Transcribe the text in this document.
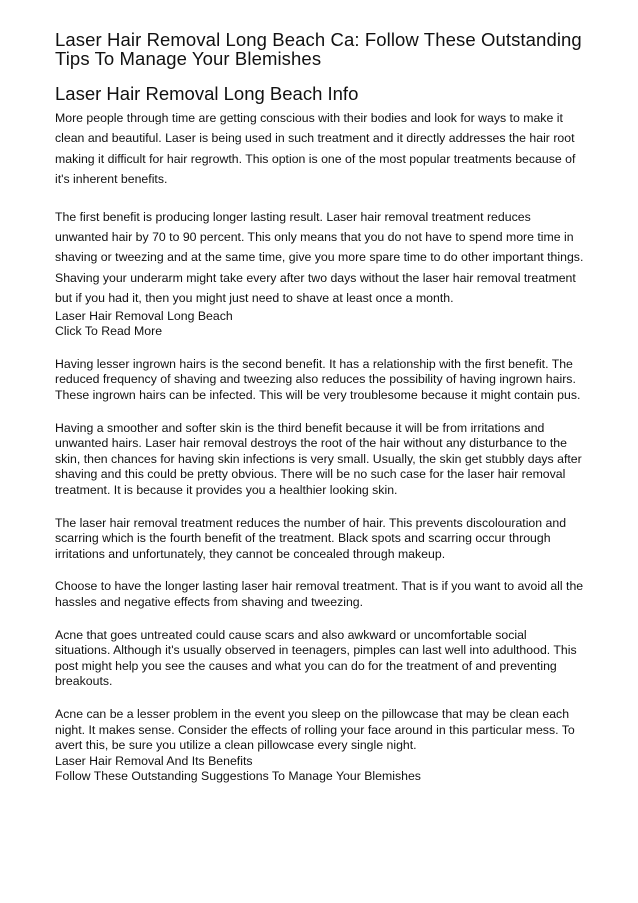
Laser Hair Removal Long Beach Ca: Follow These Outstanding Tips To Manage Your Blemishes
Laser Hair Removal Long Beach Info

More people through time are getting conscious with their bodies and look for ways to make it clean and beautiful. Laser is being used in such treatment and it directly addresses the hair root making it difficult for hair regrowth. This option is one of the most popular treatments because of it's inherent benefits.

The first benefit is producing longer lasting result. Laser hair removal treatment reduces unwanted hair by 70 to 90 percent. This only means that you do not have to spend more time in shaving or tweezing and at the same time, give you more spare time to do other important things. Shaving your underarm might take every after two days without the laser hair removal treatment but if you had it, then you might just need to shave at least once a month.

Laser Hair Removal Long Beach

Click To Read More

Having lesser ingrown hairs is the second benefit. It has a relationship with the first benefit. The reduced frequency of shaving and tweezing also reduces the possibility of having ingrown hairs. These ingrown hairs can be infected. This will be very troublesome because it might contain pus.

Having a smoother and softer skin is the third benefit because it will be from irritations and unwanted hairs. Laser hair removal destroys the root of the hair without any disturbance to the skin, then chances for having skin infections is very small. Usually, the skin get stubbly days after shaving and this could be pretty obvious. There will be no such case for the laser hair removal treatment. It is because it provides you a healthier looking skin.

The laser hair removal treatment reduces the number of hair. This prevents discolouration and scarring which is the fourth benefit of the treatment. Black spots and scarring occur through irritations and unfortunately, they cannot be concealed through makeup.

Choose to have the longer lasting laser hair removal treatment. That is if you want to avoid all the hassles and negative effects from shaving and tweezing.

Acne that goes untreated could cause scars and also awkward or uncomfortable social situations. Although it's usually observed in teenagers, pimples can last well into adulthood. This post might help you see the causes and what you can do for the treatment of and preventing breakouts.

Acne can be a lesser problem in the event you sleep on the pillowcase that may be clean each night. It makes sense. Consider the effects of rolling your face around in this particular mess. To avert this, be sure you utilize a clean pillowcase every single night.

Laser Hair Removal And Its Benefits

Follow These Outstanding Suggestions To Manage Your Blemishes
